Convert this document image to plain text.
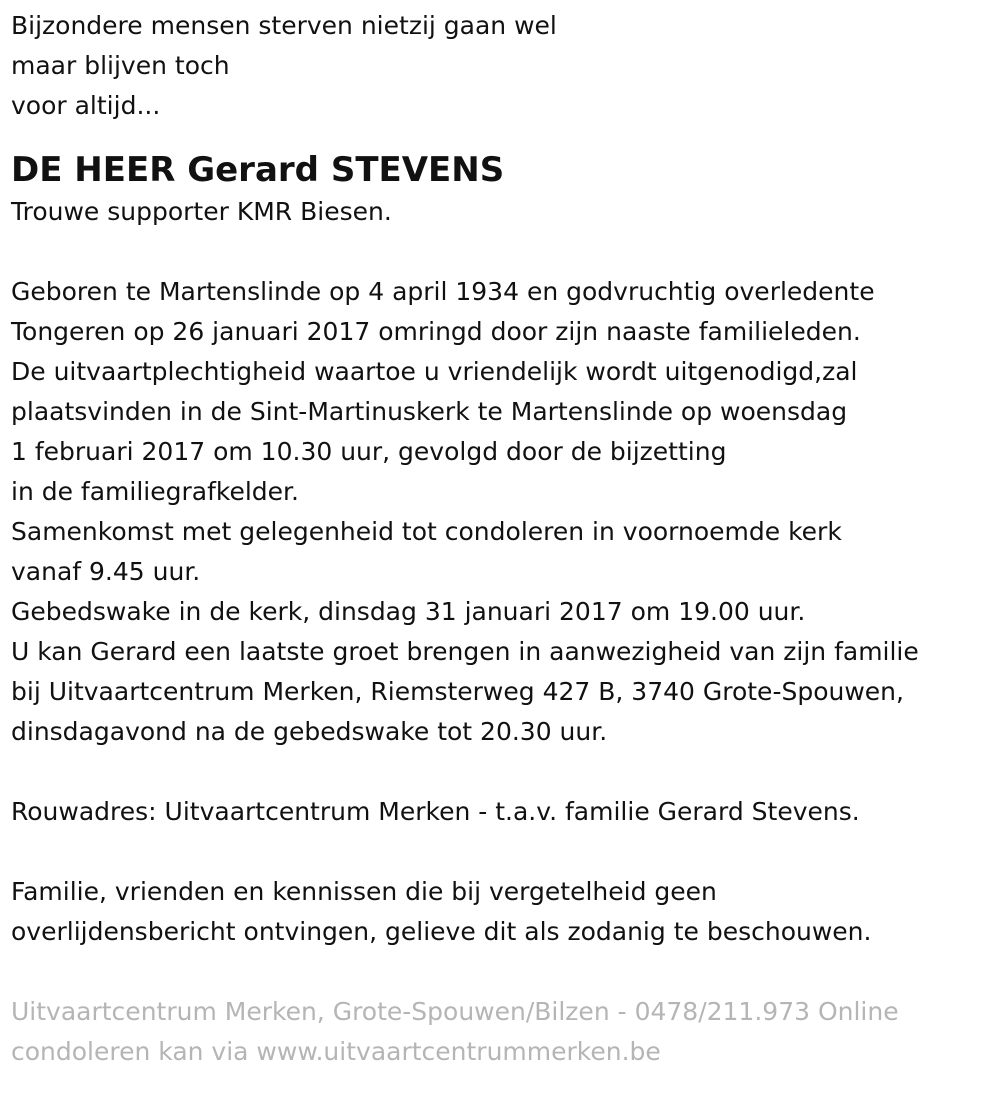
Bijzondere mensen sterven nietzij gaan wel
maar blijven toch
voor altijd...
DE HEER Gerard STEVENS
Trouwe supporter KMR Biesen.
Geboren te Martenslinde op 4 april 1934 en godvruchtig overledente
Tongeren op 26 januari 2017 omringd door zijn naaste familieleden.
De uitvaartplechtigheid waartoe u vriendelijk wordt uitgenodigd,zal
plaatsvinden in de Sint-Martinuskerk te Martenslinde op woensdag
1 februari 2017 om 10.30 uur, gevolgd door de bijzetting
in de familiegrafkelder.
Samenkomst met gelegenheid tot condoleren in voornoemde kerk
vanaf 9.45 uur.
Gebedswake in de kerk, dinsdag 31 januari 2017 om 19.00 uur.
U kan Gerard een laatste groet brengen in aanwezigheid van zijn familie
bij Uitvaartcentrum Merken, Riemsterweg 427 B, 3740 Grote-Spouwen,
dinsdagavond na de gebedswake tot 20.30 uur.
Rouwadres: Uitvaartcentrum Merken - t.a.v. familie Gerard Stevens.
Familie, vrienden en kennissen die bij vergetelheid geen
overlijdensbericht ontvingen, gelieve dit als zodanig te beschouwen.
Uitvaartcentrum Merken, Grote-Spouwen/Bilzen - 0478/211.973 Online
condoleren kan via www.uitvaartcentrummerken.be
